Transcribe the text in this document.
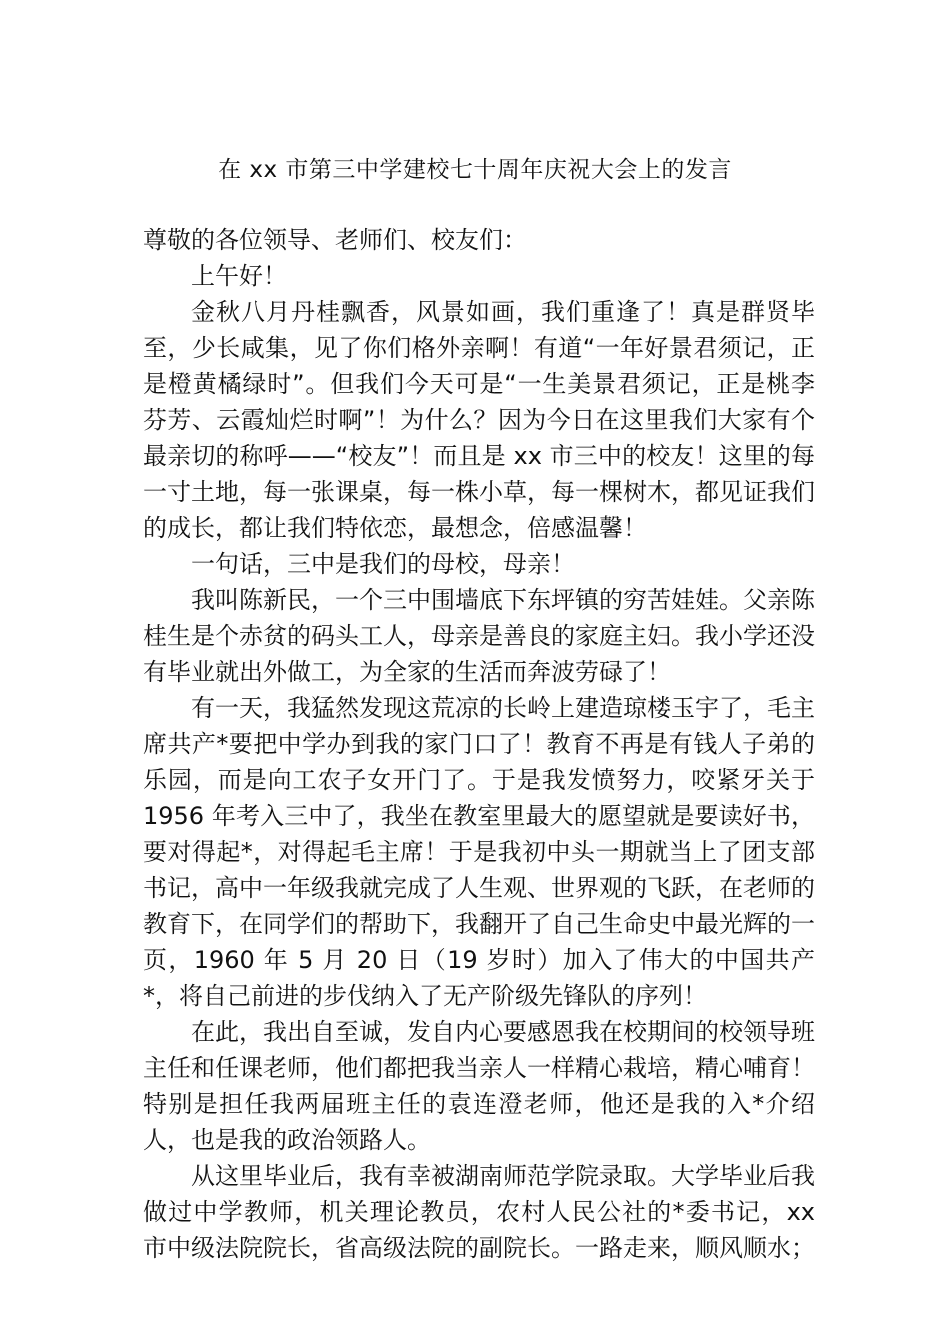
在 xx 市第三中学建校七十周年庆祝大会上的发言

尊敬的各位领导、老师们、校友们：

上午好！

金秋八月丹桂飘香，风景如画，我们重逢了！真是群贤毕至，少长咸集，见了你们格外亲啊！有道“一年好景君须记，正是橙黄橘绿时”。但我们今天可是“一生美景君须记，正是桃李芬芳、云霞灿烂时啊”！为什么？因为今日在这里我们大家有个最亲切的称呼——“校友”！而且是 xx 市三中的校友！这里的每一寸土地，每一张课桌，每一株小草，每一棵树木，都见证我们的成长，都让我们特依恋，最想念，倍感温馨！

一句话，三中是我们的母校，母亲！

我叫陈新民，一个三中围墙底下东坪镇的穷苦娃娃。父亲陈桂生是个赤贫的码头工人，母亲是善良的家庭主妇。我小学还没有毕业就出外做工，为全家的生活而奔波劳碌了！

有一天，我猛然发现这荒凉的长岭上建造琼楼玉宇了，毛主席共产*要把中学办到我的家门口了！教育不再是有钱人子弟的乐园，而是向工农子女开门了。于是我发愤努力，咬紧牙关于 1956 年考入三中了，我坐在教室里最大的愿望就是要读好书，要对得起*，对得起毛主席！于是我初中头一期就当上了团支部书记，高中一年级我就完成了人生观、世界观的飞跃，在老师的教育下，在同学们的帮助下，我翻开了自己生命史中最光辉的一页，1960 年 5 月 20 日（19 岁时）加入了伟大的中国共产*，将自己前进的步伐纳入了无产阶级先锋队的序列！

在此，我出自至诚，发自内心要感恩我在校期间的校领导班主任和任课老师，他们都把我当亲人一样精心栽培，精心哺育！特别是担任我两届班主任的袁连澄老师，他还是我的入*介绍人，也是我的政治领路人。

从这里毕业后，我有幸被湖南师范学院录取。大学毕业后我做过中学教师，机关理论教员，农村人民公社的*委书记，xx 市中级法院院长，省高级法院的副院长。一路走来，顺风顺水；
